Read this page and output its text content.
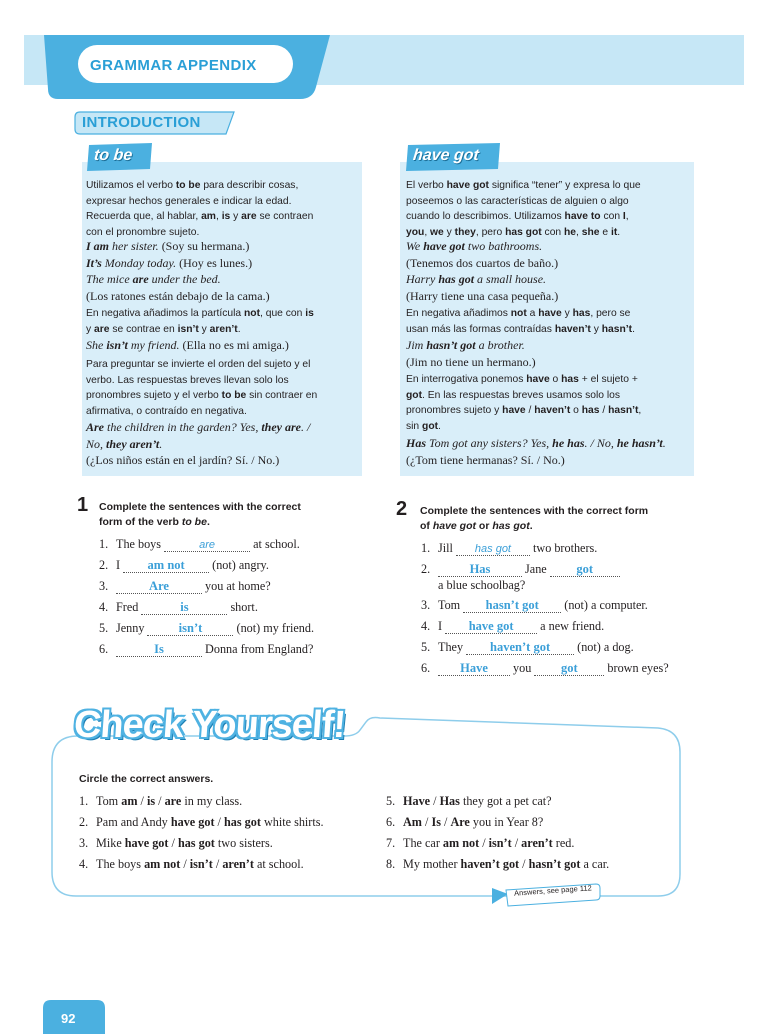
GRAMMAR APPENDIX
INTRODUCTION
to be
Utilizamos el verbo to be para describir cosas,
expresar hechos generales e indicar la edad.
Recuerda que, al hablar, am, is y are se contraen
con el pronombre sujeto.
I am her sister. (Soy su hermana.)
It’s Monday today. (Hoy es lunes.)
The mice are under the bed.
(Los ratones están debajo de la cama.)
En negativa añadimos la partícula not, que con is
y are se contrae en isn’t y aren’t.
She isn’t my friend. (Ella no es mi amiga.)
Para preguntar se invierte el orden del sujeto y el
verbo. Las respuestas breves llevan solo los
pronombres sujeto y el verbo to be sin contraer en
afirmativa, o contraído en negativa.
Are the children in the garden? Yes, they are. /
No, they aren’t.
(¿Los niños están en el jardín? Sí. / No.)
have got
El verbo have got significa “tener” y expresa lo que
poseemos o las características de alguien o algo
cuando lo describimos. Utilizamos have to con I,
you, we y they, pero has got con he, she e it.
We have got two bathrooms.
(Tenemos dos cuartos de baño.)
Harry has got a small house.
(Harry tiene una casa pequeña.)
En negativa añadimos not a have y has, pero se
usan más las formas contraídas haven’t y hasn’t.
Jim hasn’t got a brother.
(Jim no tiene un hermano.)
En interrogativa ponemos have o has + el sujeto +
got. En las respuestas breves usamos solo los
pronombres sujeto y have / haven’t o has / hasn’t,
sin got.
Has Tom got any sisters? Yes, he has. / No, he hasn’t.
(¿Tom tiene hermanas? Sí. / No.)
1 Complete the sentences with the correct
form of the verb to be.
1. The boys	are	at school.
2. I am not (not) angry.
3.	Are	you at home?
4. Fred	is	short.
5. Jenny isn’t	(not) my friend.
6.	Is	Donna from England?
2 Complete the sentences with the correct form
of have got or has got.
1. Jill has got two brothers.
2.	Has	Jane got
a blue schoolbag?
3. Tom hasn’t got (not) a computer.
4. I have got a new friend.
5. They haven’t got (not) a dog.
6. Have you got brown eyes?
Check Yourself!
Circle the correct answers.
1. Tom am / is / are in my class.
2. Pam and Andy have got / has got white shirts.
3. Mike have got / has got two sisters.
4. The boys am not / isn’t / aren’t at school.
5. Have / Has they got a pet cat?
6. Am / Is / Are you in Year 8?
7. The car am not / isn’t / aren’t red.
8. My mother haven’t got / hasn’t got a car.
Answers, see page 112
92
